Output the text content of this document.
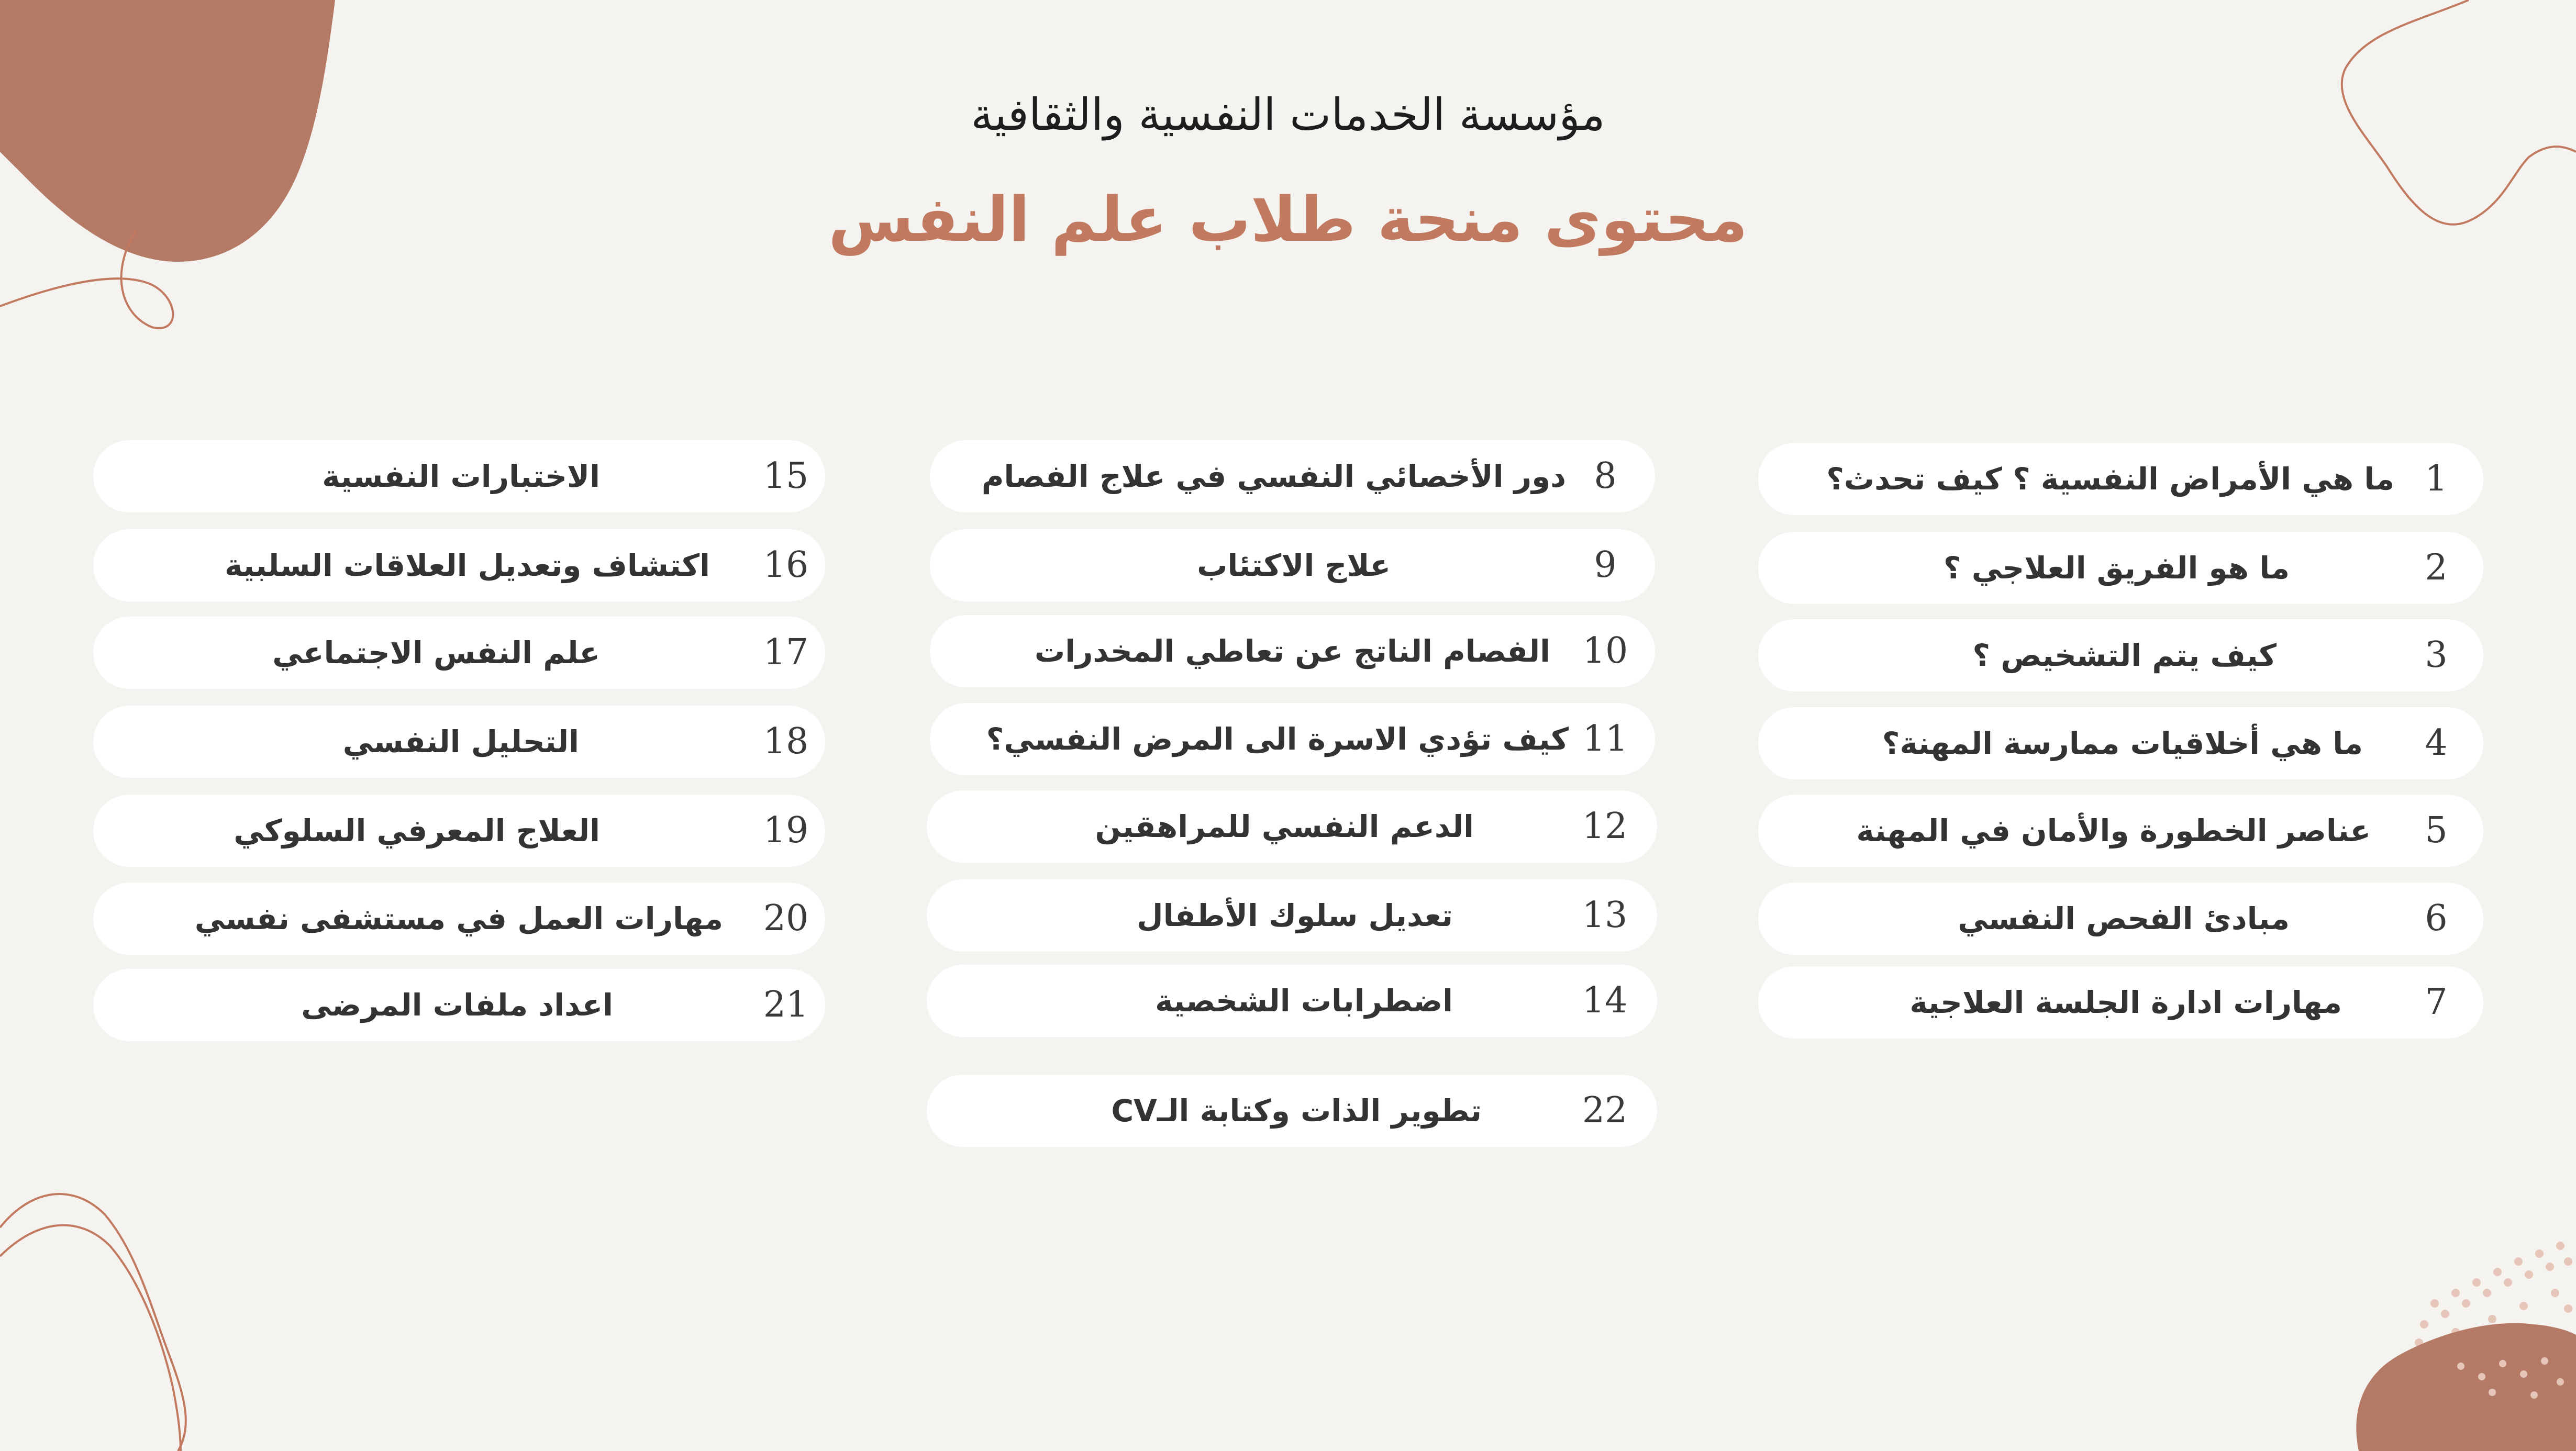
مؤسسة الخدمات النفسية والثقافية
محتوى منحة طلاب علم النفس
1
ما هي الأمراض النفسية ؟ كيف تحدث؟
2
ما هو الفريق العلاجي ؟
3
كيف يتم التشخيص ؟
4
ما هي أخلاقيات ممارسة المهنة؟
5
عناصر الخطورة والأمان في المهنة
6
مبادئ الفحص النفسي
7
مهارات ادارة الجلسة العلاجية
8
دور الأخصائي النفسي في علاج الفصام
9
علاج الاكتئاب
10
الفصام الناتج عن تعاطي المخدرات
11
كيف تؤدي الاسرة الى المرض النفسي؟
12
الدعم النفسي للمراهقين
13
تعديل سلوك الأطفال
14
اضطرابات الشخصية
22
تطوير الذات وكتابة الـCV
15
الاختبارات النفسية
16
اكتشاف وتعديل العلاقات السلبية
17
علم النفس الاجتماعي
18
التحليل النفسي
19
العلاج المعرفي السلوكي
20
مهارات العمل في مستشفى نفسي
21
اعداد ملفات المرضى
